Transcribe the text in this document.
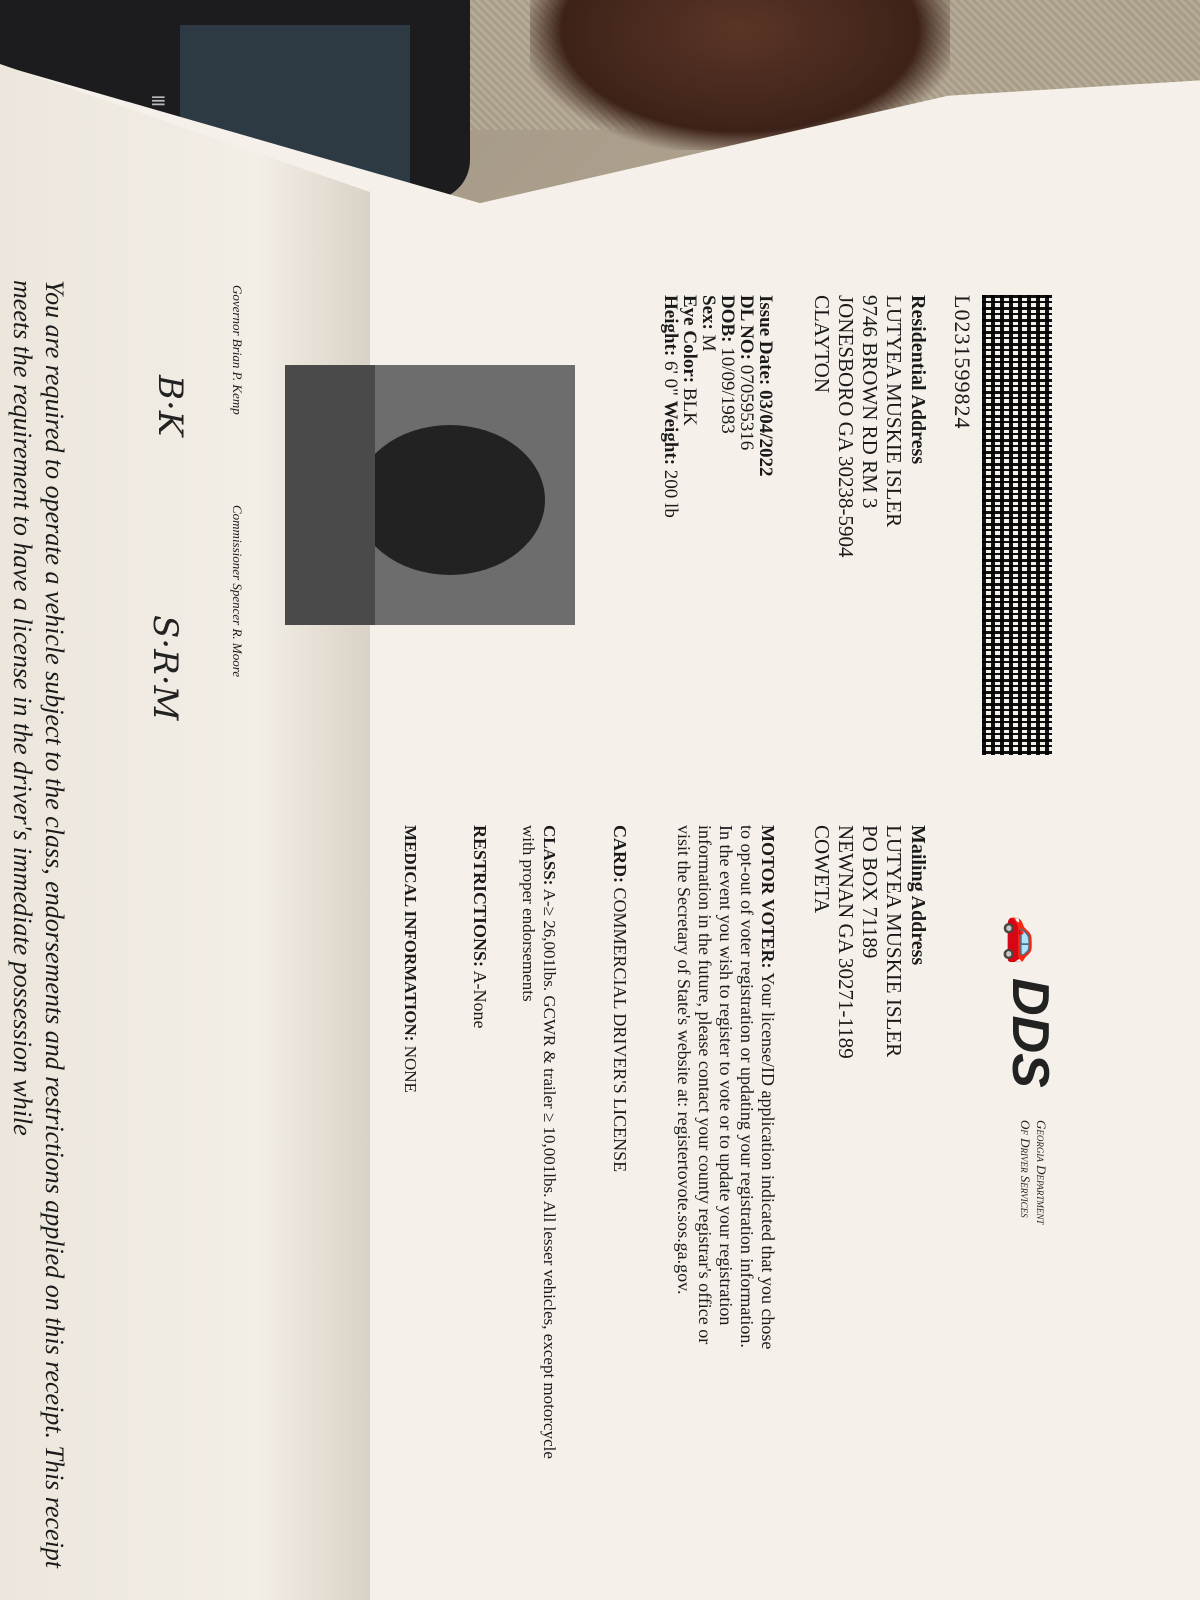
≡
L0231599824
Residential Address
LUTYEA MUSKIE ISLER
9746 BROWN RD RM 3
JONESBORO GA 30238-5904
CLAYTON
Issue Date: 03/04/2022
DL NO: 070595316
DOB: 10/09/1983
Sex: M
Eye Color: BLK
Height: 6' 0" Weight: 200 lb
🚗
DDS
Georgia Department
Of Driver Services
Mailing Address
LUTYEA MUSKIE ISLER
PO BOX 71189
NEWNAN GA 30271-1189
COWETA
MOTOR VOTER: Your license/ID application indicated that you chose to opt-out of voter registration or updating your registration information. In the event you wish to register to vote or to update your registration information in the future, please contact your county registrar's office or visit the Secretary of State's website at: registertovote.sos.ga.gov.
CARD: COMMERCIAL DRIVER'S LICENSE
CLASS: A-≥ 26,001lbs. GCWR & trailer ≥ 10,001lbs. All lesser vehicles, except motorcycle with proper endorsements
RESTRICTIONS: A-None
MEDICAL INFORMATION: NONE
B·K
S·R·M
Governor Brian P. Kemp
Commissioner Spencer R. Moore
You are required to operate a vehicle subject to the class, endorsements and restrictions applied on this receipt. This receipt meets the requirement to have a license in the driver's immediate possession while
